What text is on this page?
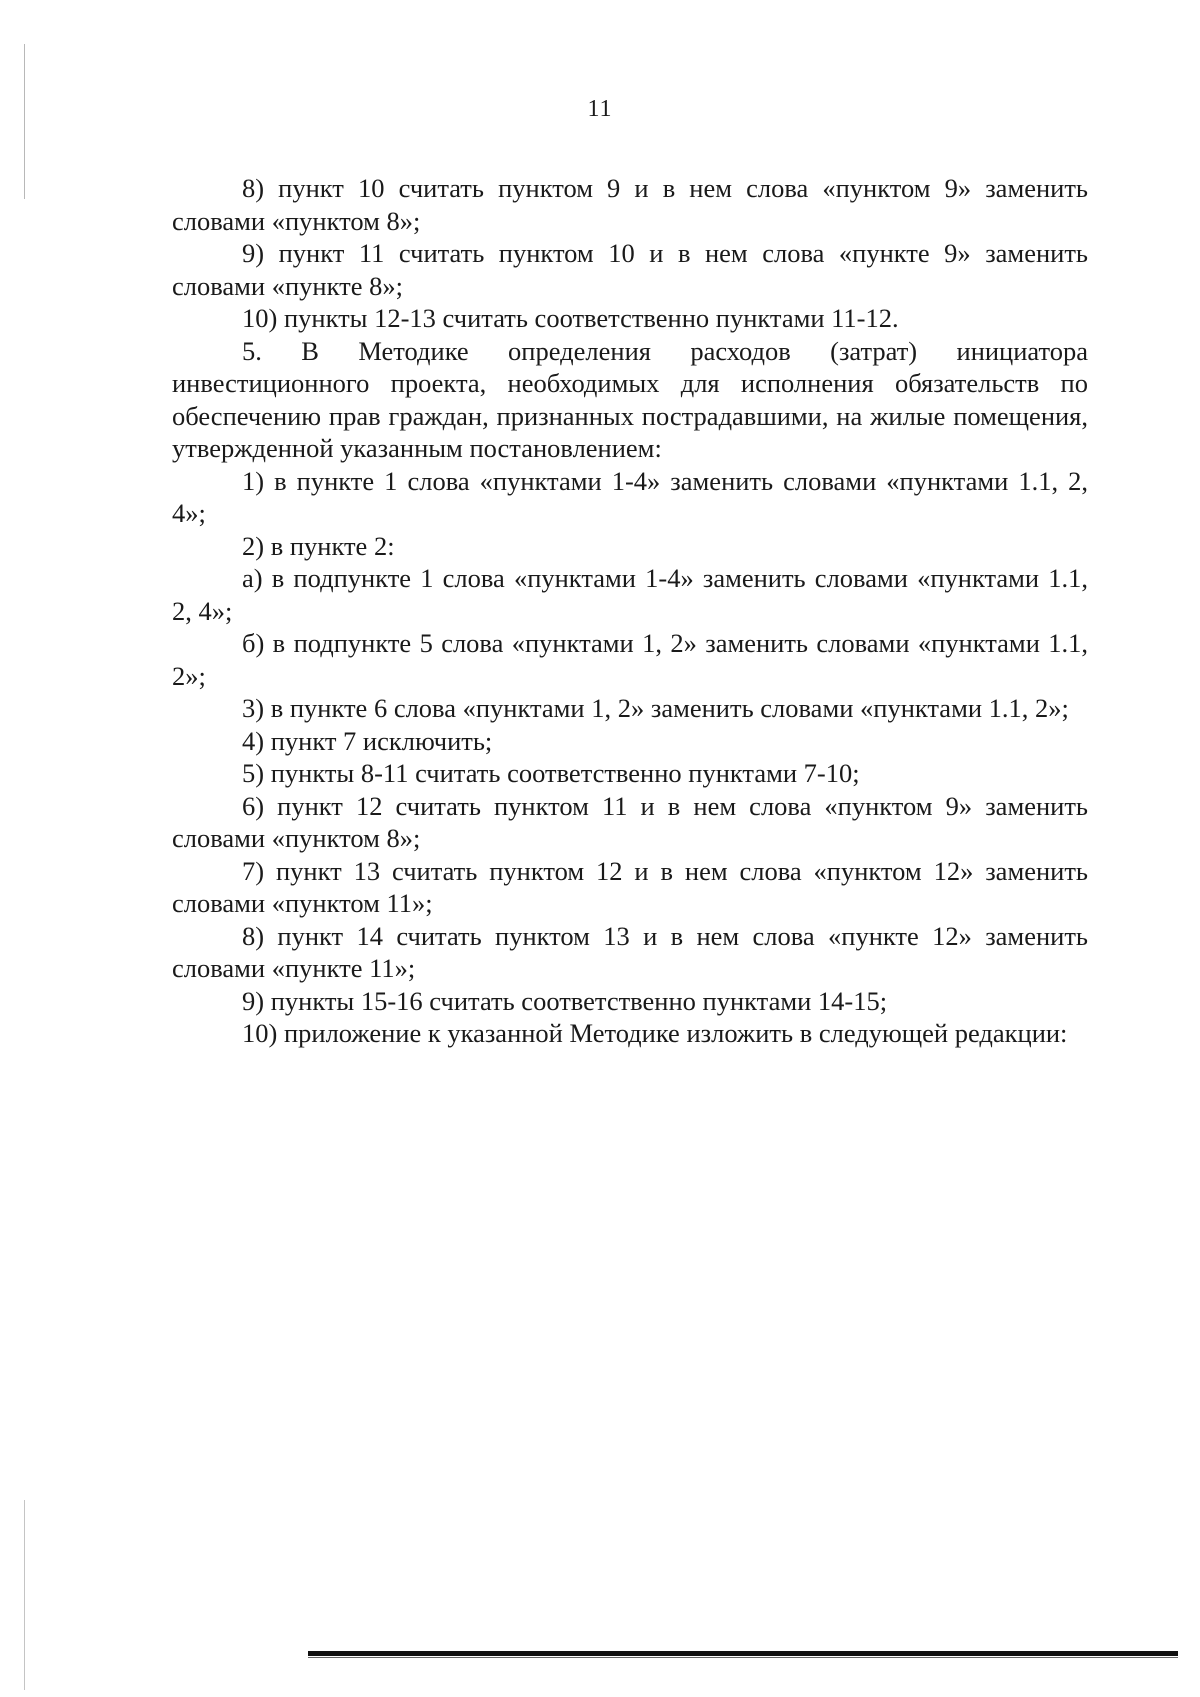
11

8) пункт 10 считать пунктом 9 и в нем слова «пунктом 9» заменить словами «пунктом 8»;

9) пункт 11 считать пунктом 10 и в нем слова «пункте 9» заменить словами «пункте 8»;

10) пункты 12-13 считать соответственно пунктами 11-12.

5. В Методике определения расходов (затрат) инициатора инвестиционного проекта, необходимых для исполнения обязательств по обеспечению прав граждан, признанных пострадавшими, на жилые помещения, утвержденной указанным постановлением:

1) в пункте 1 слова «пунктами 1-4» заменить словами «пунктами 1.1, 2, 4»;

2) в пункте 2:

а) в подпункте 1 слова «пунктами 1-4» заменить словами «пунктами 1.1, 2, 4»;

б) в подпункте 5 слова «пунктами 1, 2» заменить словами «пунктами 1.1, 2»;

3) в пункте 6 слова «пунктами 1, 2» заменить словами «пунктами 1.1, 2»;

4) пункт 7 исключить;

5) пункты 8-11 считать соответственно пунктами 7-10;

6) пункт 12 считать пунктом 11 и в нем слова «пунктом 9» заменить словами «пунктом 8»;

7) пункт 13 считать пунктом 12 и в нем слова «пунктом 12» заменить словами «пунктом 11»;

8) пункт 14 считать пунктом 13 и в нем слова «пункте 12» заменить словами «пункте 11»;

9) пункты 15-16 считать соответственно пунктами 14-15;

10) приложение к указанной Методике изложить в следующей редакции:
